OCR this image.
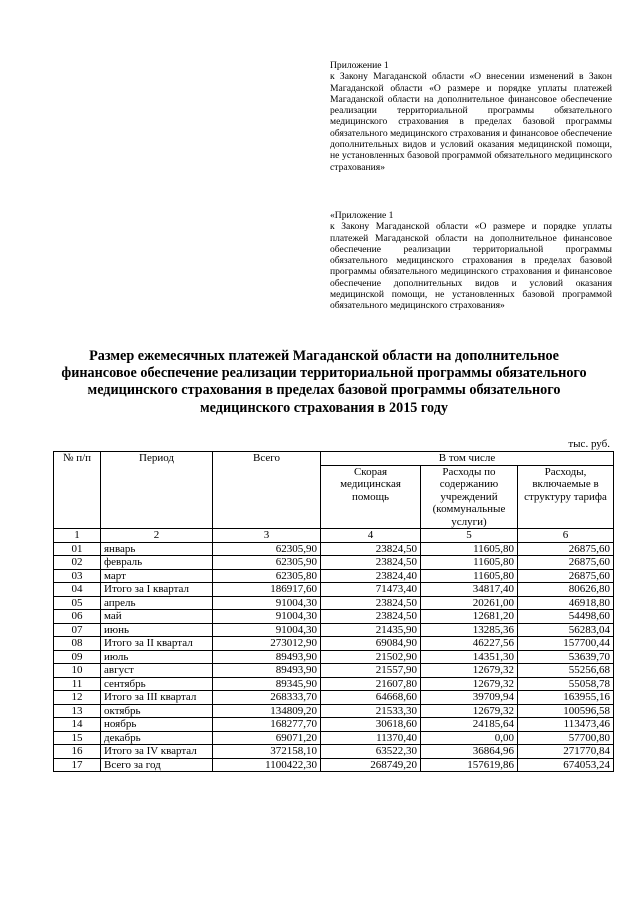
Приложение 1
к Закону Магаданской области «О внесении изменений в Закон Магаданской области «О размере и порядке уплаты платежей Магаданской области на дополнительное финансовое обеспечение реализации территориальной программы обязательного медицинского страхования в пределах базовой программы обязательного медицинского страхования и финансовое обеспечение дополнительных видов и условий оказания медицинской помощи, не установленных базовой программой обязательного медицинского страхования»
«Приложение 1
к Закону Магаданской области «О размере и порядке уплаты платежей Магаданской области на дополнительное финансовое обеспечение реализации территориальной программы обязательного медицинского страхования в пределах базовой программы обязательного медицинского страхования и финансовое обеспечение дополнительных видов и условий оказания медицинской помощи, не установленных базовой программой обязательного медицинского страхования»
Размер ежемесячных платежей Магаданской области на дополнительное финансовое обеспечение реализации территориальной программы обязательного медицинского страхования в пределах базовой программы обязательного медицинского страхования в 2015 году
тыс. руб.
№ п/п	Период	Всего	В том числе		
			Скорая медицинская помощь	Расходы по содержанию учреждений (коммунальные услуги)	Расходы, включаемые в структуру тарифа
1	2	3	4	5	6
01	январь	62305,90	23824,50	11605,80	26875,60
02	февраль	62305,90	23824,50	11605,80	26875,60
03	март	62305,80	23824,40	11605,80	26875,60
04	Итого за I квартал	186917,60	71473,40	34817,40	80626,80
05	апрель	91004,30	23824,50	20261,00	46918,80
06	май	91004,30	23824,50	12681,20	54498,60
07	июнь	91004,30	21435,90	13285,36	56283,04
08	Итого за II квартал	273012,90	69084,90	46227,56	157700,44
09	июль	89493,90	21502,90	14351,30	53639,70
10	август	89493,90	21557,90	12679,32	55256,68
11	сентябрь	89345,90	21607,80	12679,32	55058,78
12	Итого за III квартал	268333,70	64668,60	39709,94	163955,16
13	октябрь	134809,20	21533,30	12679,32	100596,58
14	ноябрь	168277,70	30618,60	24185,64	113473,46
15	декабрь	69071,20	11370,40	0,00	57700,80
16	Итого за IV квартал	372158,10	63522,30	36864,96	271770,84
17	Всего за год	1100422,30	268749,20	157619,86	674053,24
